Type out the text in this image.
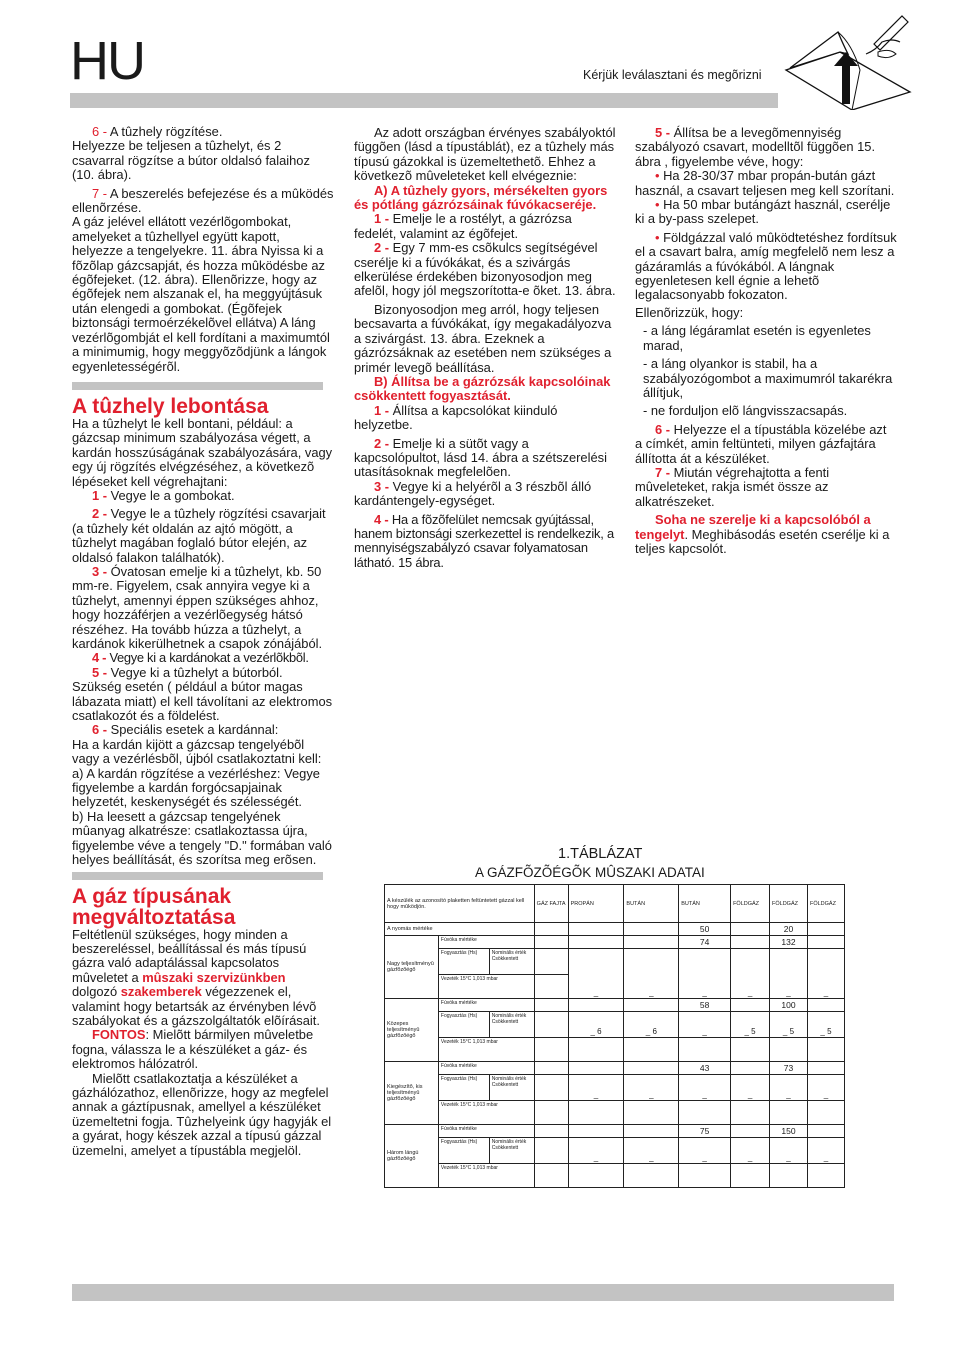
HU	Kérjük leválasztani és megõrizni

6 - A tûzhely rögzítése.

Helyezze be teljesen a tûzhelyt, és 2 csavarral rögzítse a bútor oldalsó falaihoz (10. ábra).

7 - A beszerelés befejezése és a mûködés ellenõrzése.

A gáz jelével ellátott vezérlõgombokat, amelyeket a tûzhellyel együtt kapott, helyezze a tengelyekre. 11. ábra Nyissa ki a fõzõlap gázcsapját, és hozza mûködésbe az égõfejeket. (12. ábra). Ellenõrizze, hogy az égõfejek nem alszanak el, ha meggyújtásuk után elengedi a gombokat. (Égõfejek biztonsági termoérzékelõvel ellátva) A láng vezérlõgombját el kell fordítani a maximumtól a minimumig, hogy meggyõzõdjünk a lángok egyenletességérõl.

A tûzhely lebontása

Ha a tûzhelyt le kell bontani, például: a gázcsap minimum szabályozása végett, a kardán hosszúságának szabályozására, vagy egy új rögzítés elvégzéséhez, a következõ lépéseket kell végrehajtani:

1 - Vegye le a gombokat.

2 - Vegye le a tûzhely rögzítési csavarjait (a tûzhely két oldalán az ajtó mögött, a tûzhelyt magában foglaló bútor elején, az oldalsó falakon találhatók).

3 - Óvatosan emelje ki a tûzhelyt, kb. 50 mm-re. Figyelem, csak annyira vegye ki a tûzhelyt, amennyi éppen szükséges ahhoz, hogy hozzáférjen a vezérlõegység hátsó részéhez. Ha tovább húzza a tûzhelyt, a kardánok kikerülhetnek a csapok zónájából.

4 - Vegye ki a kardánokat a vezérlõkbõl.

5 - Vegye ki a tûzhelyt a bútorból. Szükség esetén ( például a bútor magas lábazata miatt) el kell távolítani az elektromos csatlakozót és a földelést.

6 - Speciális esetek a kardánnal:

Ha a kardán kijött a gázcsap tengelyébõl vagy a vezérlésbõl, újból csatlakoztatni kell:

a) A kardán rögzítése a vezérléshez: Vegye figyelembe a kardán forgócsapjainak helyzetét, keskenységét és szélességét.

b) Ha leesett a gázcsap tengelyének mûanyag alkatrésze: csatlakoztassa újra, figyelembe véve a tengely "D." formában való helyes beállítását, és szorítsa meg erõsen.

A gáz típusának megváltoztatása

Feltétlenül szükséges, hogy minden a beszereléssel, beállítással és más típusú gázra való adaptálással kapcsolatos mûveletet a mûszaki szervizünkben dolgozó szakemberek végezzenek el, valamint hogy betartsák az érvényben lévõ szabályokat és a gázszolgáltatók elõírásait.

FONTOS: Mielõtt bármilyen mûveletbe fogna, válassza le a készüléket a gáz- és elektromos hálózatról.

Mielõtt csatlakoztatja a készüléket a gázhálózathoz, ellenõrizze, hogy az megfelel annak a gáztípusnak, amellyel a készüléket üzemeltetni fogja. Tûzhelyeink úgy hagyják el a gyárat, hogy készek azzal a típusú gázzal üzemelni, amelyet a típustábla megjelöl.

Az adott országban érvényes szabályoktól függõen (lásd a típustáblát), ez a tûzhely más típusú gázokkal is üzemeltethetõ. Ehhez a következõ mûveleteket kell elvégeznie:

A) A tûzhely gyors, mérsékelten gyors és pótláng gázrózsáinak fúvókacseréje.

1 - Emelje le a rostélyt, a gázrózsa fedelét, valamint az égõfejet.

2 - Egy 7 mm-es csõkulcs segítségével cserélje ki a fúvókákat, és a szivárgás elkerülése érdekében bizonyosodjon meg afelõl, hogy jól megszorította-e õket. 13. ábra.

Bizonyosodjon meg arról, hogy teljesen becsavarta a fúvókákat, így megakadályozva a szivárgást. 13. ábra. Ezeknek a gázrózsáknak az esetében nem szükséges a primér levegõ beállítása.

B) Állítsa be a gázrózsák kapcsolóinak csökkentett fogyasztását.

1 - Állítsa a kapcsolókat kiinduló helyzetbe.

2 - Emelje ki a sütõt vagy a kapcsolópultot, lásd 14. ábra a szétszerelési utasításoknak megfelelõen.

3 - Vegye ki a helyérõl a 3 részbõl álló kardántengely-egységet.

4 - Ha a fõzõfelület nemcsak gyújtással, hanem biztonsági szerkezettel is rendelkezik, a mennyiségszabályzó csavar folyamatosan látható. 15 ábra.

5 - Állítsa be a levegõmennyiség szabályozó csavart, modelltõl függõen 15. ábra , figyelembe véve, hogy:

• Ha 28-30/37 mbar propán-bután gázt használ, a csavart teljesen meg kell szorítani.

• Ha 50 mbar butángázt használ, cserélje ki a by-pass szelepet.

• Földgázzal való mûködtetéshez fordítsuk el a csavart balra, amíg megfelelõ nem lesz a gázáramlás a fúvókából. A lángnak egyenletesen kell égnie a lehetõ legalacsonyabb fokozaton.

Ellenõrizzük, hogy:

- a láng légáramlat esetén is egyenletes marad,

- a láng olyankor is stabil, ha a szabályozógombot a maximumról takarékra állítjuk,

- ne forduljon elõ lángvisszacsapás.

6 - Helyezze el a típustábla közelébe azt a címkét, amin feltünteti, milyen gázfajtára állította át a készüléket.

7 - Miután végrehajtotta a fenti mûveleteket, rakja ismét össze az alkatrészeket.

Soha ne szerelje ki a kapcsolóból a tengelyt. Meghibásodás esetén cserélje ki a teljes kapcsolót.

1.TÁBLÁZAT
A GÁZFÕZÕÉGÕK MÛSZAKI ADATAI
A készülék az azonosító plaketten feltüntetett gázzal kell hogy mûködjön.			GÁZ FAJTA	PROPÁN	BUTÁN	BUTÁN	FÖLDGÁZ	FÖLDGÁZ	FÖLDGÁZ
A nyomás mértéke						50		20	
Nagy teljesítményû gázfõzõégõ	Fúvóka mértéke					74		132	
	Fogyasztás (Hs)	Nominális érték Csökkentett		_	_	_	_	_	_
	Vezeték 15°C 1,013 mbar								
Közepes teljesítményû gázfõzõégõ	Fúvóka mértéke					58		100	
	Fogyasztás (Hs)	Nominális érték Csökkentett		_ 6	_ 6	_	_ 5	_ 5	_ 5
	Vezeték 15°C 1,013 mbar								
Kiegészítõ, kis teljesítményû gázfõzõégõ	Fúvóka mértéke					43		73	
	Fogyasztás (Hs)	Nominális érték Csökkentett		_	_	_	_	_	_
	Vezeték 15°C 1,013 mbar								
Három lángú gázfõzõégõ	Fúvóka mértéke					75		150	
	Fogyasztás (Hs)	Nominális érték Csökkentett		_	_	_	_	_	_
	Vezeték 15°C 1,013 mbar								
